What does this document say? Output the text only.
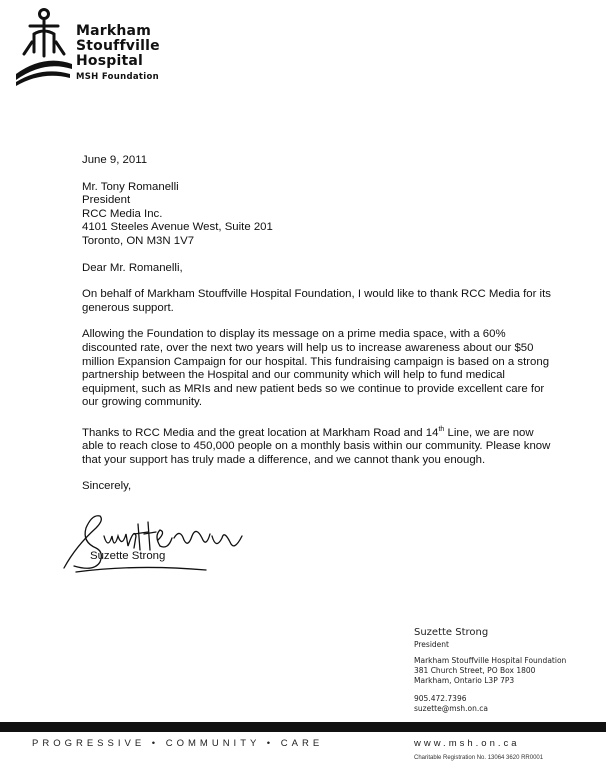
Markham
Stouffville
Hospital
MSH Foundation

June 9, 2011

Mr. Tony Romanelli

President

RCC Media Inc.

4101 Steeles Avenue West, Suite 201

Toronto, ON M3N 1V7

Dear Mr. Romanelli,

On behalf of Markham Stouffville Hospital Foundation, I would like to thank RCC Media for its generous support.

Allowing the Foundation to display its message on a prime media space, with a 60% discounted rate, over the next two years will help us to increase awareness about our $50 million Expansion Campaign for our hospital. This fundraising campaign is based on a strong partnership between the Hospital and our community which will help to fund medical equipment, such as MRIs and new patient beds so we continue to provide excellent care for our growing community.

Thanks to RCC Media and the great location at Markham Road and 14th Line, we are now able to reach close to 450,000 people on a monthly basis within our community. Please know that your support has truly made a difference, and we cannot thank you enough.

Sincerely,

Suzette Strong
Suzette Strong
President
Markham Stouffville Hospital Foundation
381 Church Street, PO Box 1800
Markham, Ontario L3P 7P3
905.472.7396
suzette@msh.on.ca
PROGRESSIVE • COMMUNITY • CARE	www.msh.on.ca
Charitable Registration No. 13064 3620 RR0001
